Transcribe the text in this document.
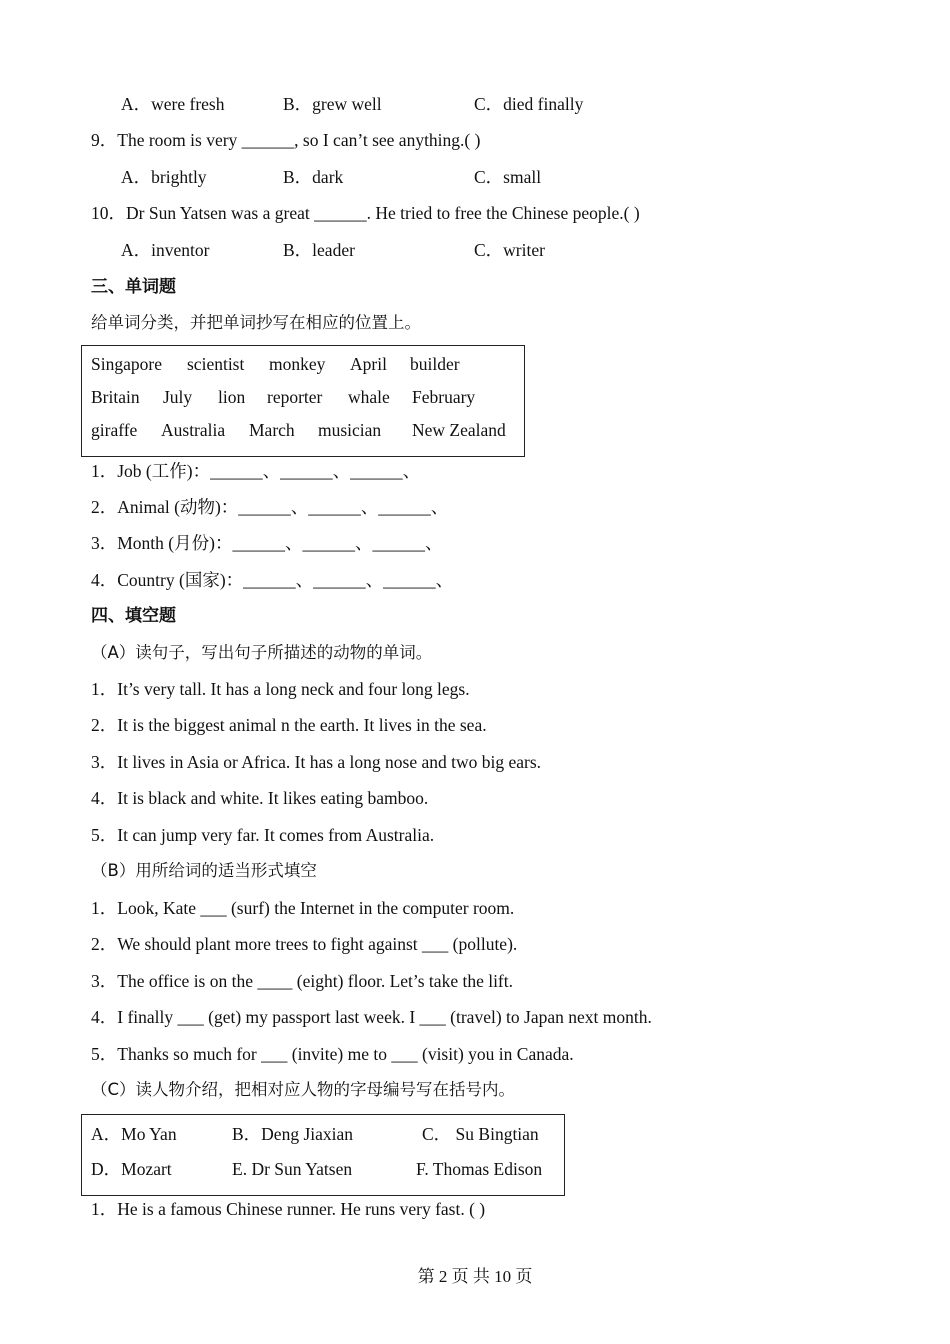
A．were fresh	B．grew well	C．died finally
9．The room is very ______, so I can’t see anything.( )
A．brightly	B．dark	C．small
10．Dr Sun Yatsen was a great ______. He tried to free the Chinese people.( )
A．inventor	B．leader	C．writer
三、单词题
给单词分类，并把单词抄写在相应的位置上。
Singapore scientist monkey April builder
Britain July lion reporter whale February
giraffe Australia March musician New Zealand
1．Job (工作)：______、______、______、
2．Animal (动物)：______、______、______、
3．Month (月份)：______、______、______、
4．Country (国家)：______、______、______、
四、填空题
（A）读句子，写出句子所描述的动物的单词。
1．It’s very tall. It has a long neck and four long legs.
2．It is the biggest animal n the earth. It lives in the sea.
3．It lives in Asia or Africa. It has a long nose and two big ears.
4．It is black and white. It likes eating bamboo.
5．It can jump very far. It comes from Australia.
（B）用所给词的适当形式填空
1．Look, Kate ___ (surf) the Internet in the computer room.
2．We should plant more trees to fight against ___ (pollute).
3．The office is on the ____ (eight) floor. Let’s take the lift.
4．I finally ___ (get) my passport last week. I ___ (travel) to Japan next month.
5．Thanks so much for ___ (invite) me to ___ (visit) you in Canada.
（C）读人物介绍，把相对应人物的字母编号写在括号内。
A．Mo Yan	B．Deng Jiaxian	C． Su Bingtian
D．Mozart	E. Dr Sun Yatsen	F. Thomas Edison
1．He is a famous Chinese runner. He runs very fast. ( )
第 2 页 共 10 页
